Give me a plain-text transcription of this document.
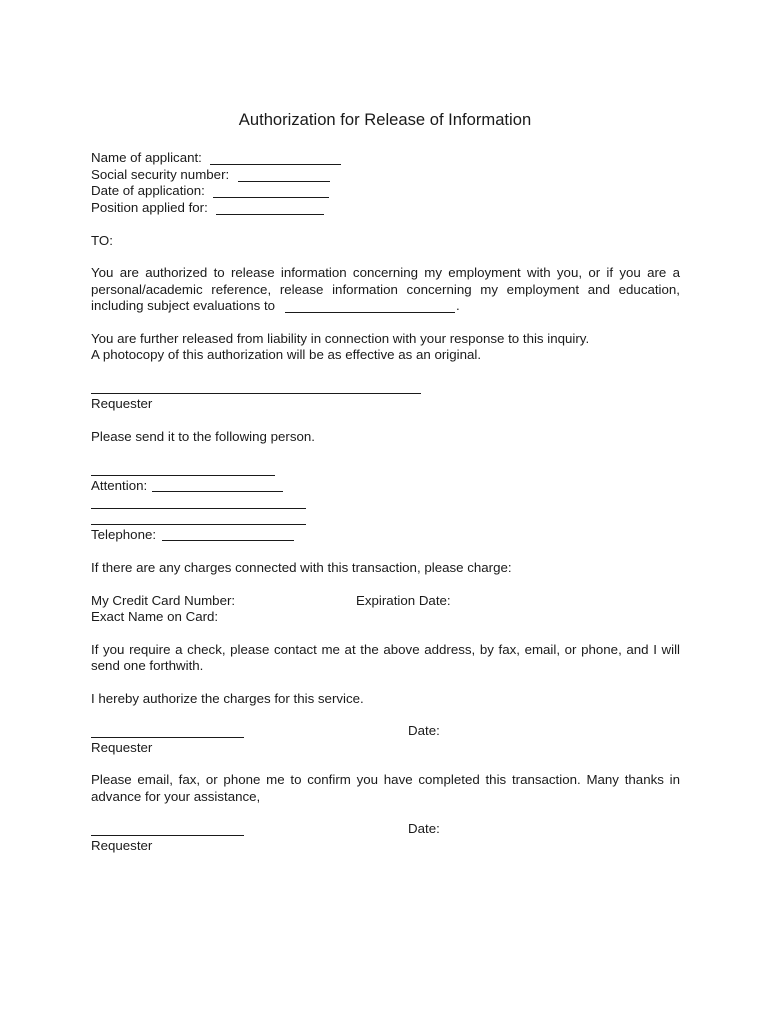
Authorization for Release of Information
Name of applicant:
Social security number:
Date of application:
Position applied for:
TO:
You are authorized to release information concerning my employment with you, or if you are a
personal/academic reference, release information concerning my employment and education,
including subject evaluations to	.
You are further released from liability in connection with your response to this inquiry.
A photocopy of this authorization will be as effective as an original.
Requester
Please send it to the following person.
Attention:
Telephone:
If there are any charges connected with this transaction, please charge:
My Credit Card Number:	Expiration Date:
Exact Name on Card:
If you require a check, please contact me at the above address, by fax, email, or phone, and I will
send one forthwith.
I hereby authorize the charges for this service.
Date:
Requester
Please email, fax, or phone me to confirm you have completed this transaction. Many thanks in
advance for your assistance,
Date:
Requester
